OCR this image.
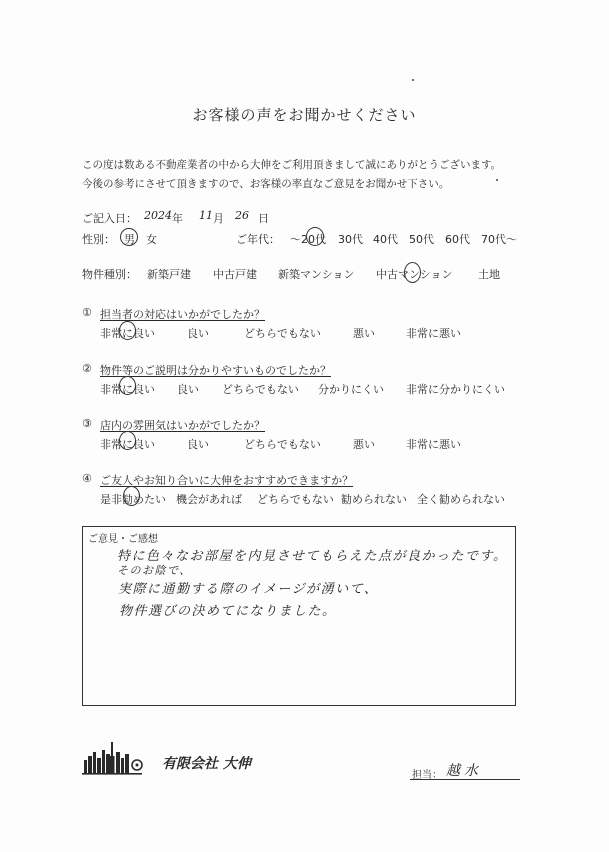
お客様の声をお聞かせください
この度は数ある不動産業者の中から大伸をご利用頂きまして誠にありがとうございます。
今後の参考にさせて頂きますので、お客様の率直なご意見をお聞かせ下さい。
ご記入日： 2024 年 11 月 26 日
性別： 男 女	ご年代： ～20代 30代 40代 50代 60代 70代～
物件種別： 新築戸建 中古戸建 新築マンション 中古マンション 土地
① 担当者の対応はいかがでしたか？
非常に良い	良い	どちらでもない	悪い	非常に悪い
② 物件等のご説明は分かりやすいものでしたか？
非常に良い 良い どちらでもない 分かりにくい 非常に分かりにくい
③ 店内の雰囲気はいかがでしたか？
非常に良い	良い	どちらでもない	悪い	非常に悪い
④ ご友人やお知り合いに大伸をおすすめできますか？
是非勧めたい 機会があれば どちらでもない 勧められない 全く勧められない
ご意見・ご感想
特に色々なお部屋を内見させてもらえた点が良かったです。
そのお陰で、
実際に通勤する際のイメージが湧いて、
物件選びの決めてになりました。
有限会社 大伸
担当： 越水
